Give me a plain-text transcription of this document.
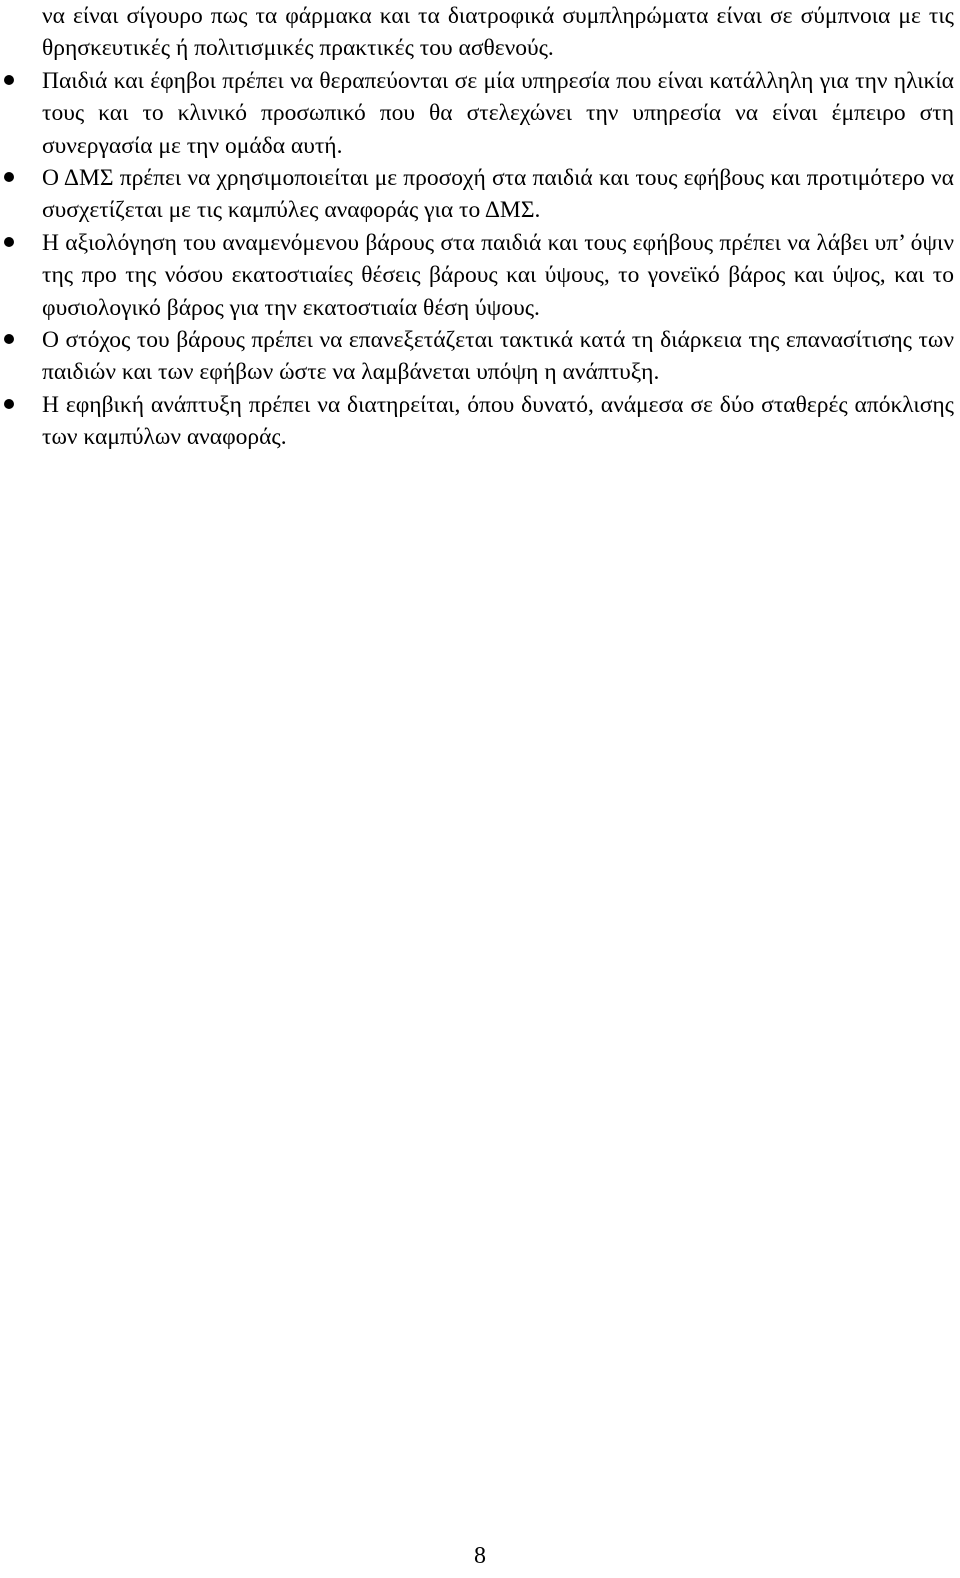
να είναι σίγουρο πως τα φάρμακα και τα διατροφικά συμπληρώματα είναι σε σύμπνοια με τις θρησκευτικές ή πολιτισμικές πρακτικές του ασθενούς.

Παιδιά και έφηβοι πρέπει να θεραπεύονται σε μία υπηρεσία που είναι κατάλληλη για την ηλικία τους και το κλινικό προσωπικό που θα στελεχώνει την υπηρεσία να είναι έμπειρο στη συνεργασία με την ομάδα αυτή.
Ο ΔΜΣ πρέπει να χρησιμοποιείται με προσοχή στα παιδιά και τους εφήβους και προτιμότερο να συσχετίζεται με τις καμπύλες αναφοράς για το ΔΜΣ.
Η αξιολόγηση του αναμενόμενου βάρους στα παιδιά και τους εφήβους πρέπει να λάβει υπ’ όψιν της προ της νόσου εκατοστιαίες θέσεις βάρους και ύψους, το γονεϊκό βάρος και ύψος, και το φυσιολογικό βάρος για την εκατοστιαία θέση ύψους.
Ο στόχος του βάρους πρέπει να επανεξετάζεται τακτικά κατά τη διάρκεια της επανασίτισης των παιδιών και των εφήβων ώστε να λαμβάνεται υπόψη η ανάπτυξη.
Η εφηβική ανάπτυξη πρέπει να διατηρείται, όπου δυνατό, ανάμεσα σε δύο σταθερές απόκλισης των καμπύλων αναφοράς.
8
